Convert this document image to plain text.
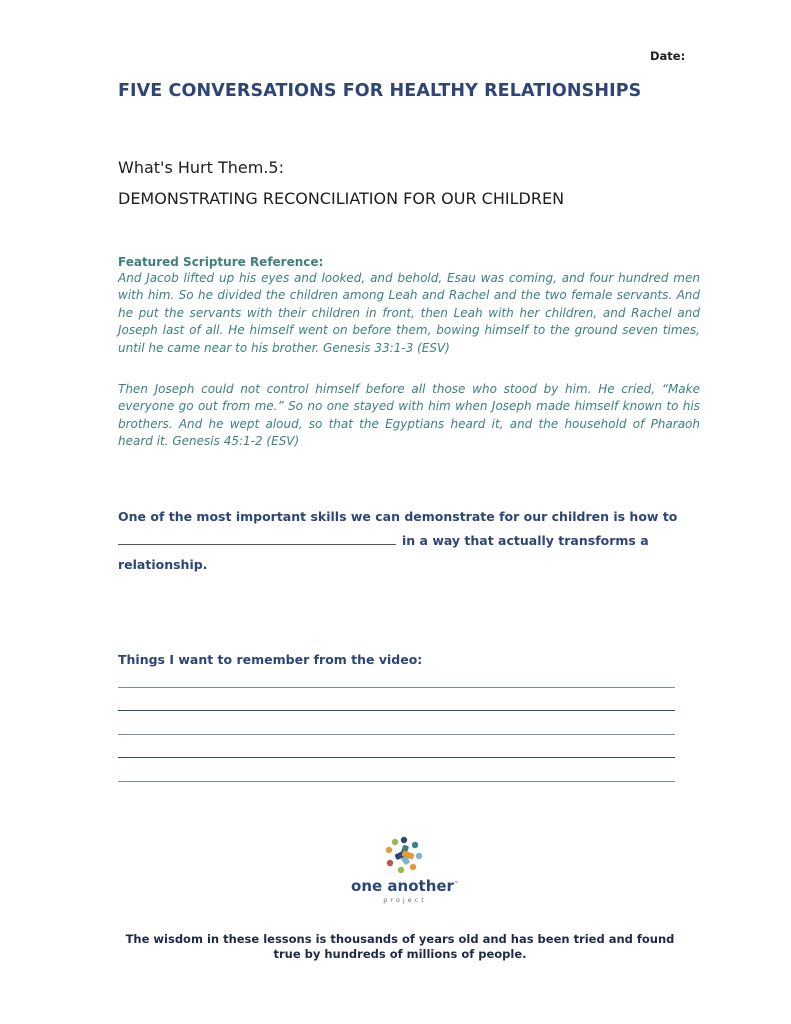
Date:
FIVE CONVERSATIONS FOR HEALTHY RELATIONSHIPS
What's Hurt Them.5:
DEMONSTRATING RECONCILIATION FOR OUR CHILDREN
Featured Scripture Reference:
And Jacob lifted up his eyes and looked, and behold, Esau was coming, and four hundred men with him. So he divided the children among Leah and Rachel and the two female servants. And he put the servants with their children in front, then Leah with her children, and Rachel and Joseph last of all. He himself went on before them, bowing himself to the ground seven times, until he came near to his brother. Genesis 33:1-3 (ESV)
Then Joseph could not control himself before all those who stood by him. He cried, “Make everyone go out from me.” So no one stayed with him when Joseph made himself known to his brothers. And he wept aloud, so that the Egyptians heard it, and the household of Pharaoh heard it. Genesis 45:1-2 (ESV)
One of the most important skills we can demonstrate for our children is how to
in a way that actually transforms a
relationship.
Things I want to remember from the video:
one another™
project
The wisdom in these lessons is thousands of years old and has been tried and found true by hundreds of millions of people.
